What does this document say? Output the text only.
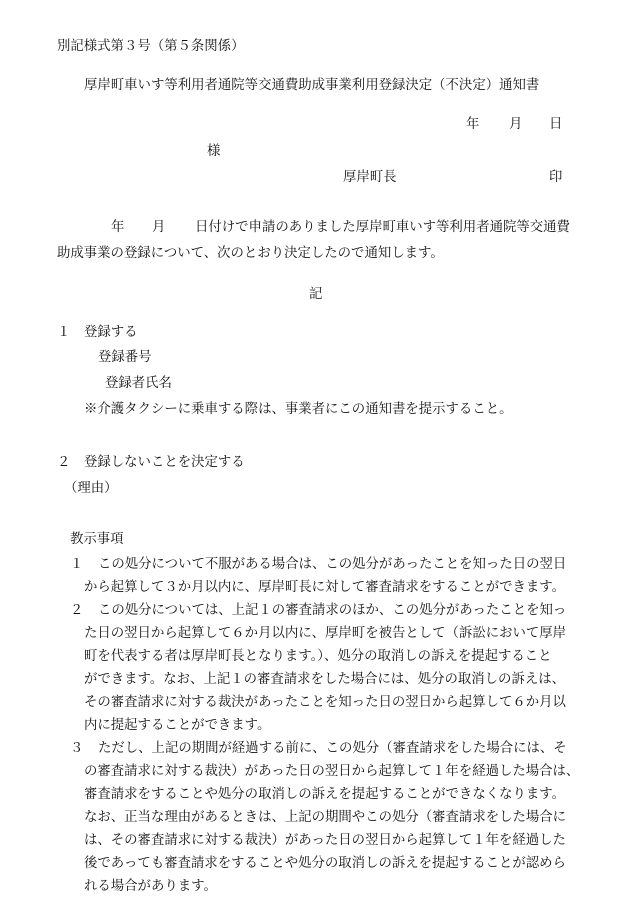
別記様式第３号（第５条関係）
厚岸町車いす等利用者通院等交通費助成事業利用登録決定（不決定）通知書
年 月 日
様
厚岸町長	印
年 月 日付けで申請のありました厚岸町車いす等利用者通院等交通費
助成事業の登録について、次のとおり決定したので通知します。
記
１ 登録する
登録番号
登録者氏名
※介護タクシーに乗車する際は、事業者にこの通知書を提示すること。
２ 登録しないことを決定する
（理由）
教示事項
１ この処分について不服がある場合は、この処分があったことを知った日の翌日
から起算して３か月以内に、厚岸町長に対して審査請求をすることができます。
２ この処分については、上記１の審査請求のほか、この処分があったことを知っ
た日の翌日から起算して６か月以内に、厚岸町を被告として（訴訟において厚岸
町を代表する者は厚岸町長となります。）、処分の取消しの訴えを提起すること
ができます。なお、上記１の審査請求をした場合には、処分の取消しの訴えは、
その審査請求に対する裁決があったことを知った日の翌日から起算して６か月以
内に提起することができます。
３ ただし、上記の期間が経過する前に、この処分（審査請求をした場合には、そ
の審査請求に対する裁決）があった日の翌日から起算して１年を経過した場合は、
審査請求をすることや処分の取消しの訴えを提起することができなくなります。
なお、正当な理由があるときは、上記の期間やこの処分（審査請求をした場合に
は、その審査請求に対する裁決）があった日の翌日から起算して１年を経過した
後であっても審査請求をすることや処分の取消しの訴えを提起することが認めら
れる場合があります。
